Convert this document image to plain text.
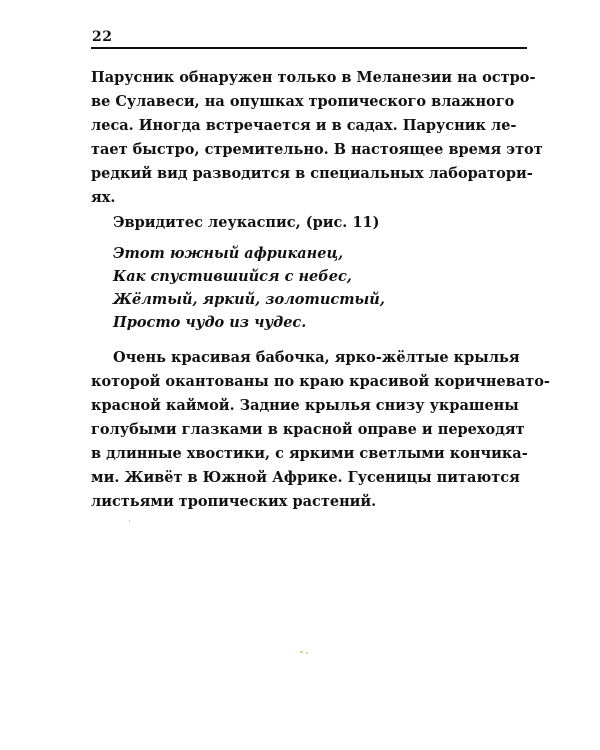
22
Парусник обнаружен только в Меланезии на остро-
ве Сулавеси, на опушках тропического влажного
леса. Иногда встречается и в садах. Парусник ле-
тает быстро, стремительно. В настоящее время этот
редкий вид разводится в специальных лаборатори-
ях.
Эвридитес леукаспис, (рис. 11)
Этот южный африканец,
Как спустившийся с небес,
Жёлтый, яркий, золотистый,
Просто чудо из чудес.
Очень красивая бабочка, ярко-жёлтые крылья
которой окантованы по краю красивой коричневато-
красной каймой. Задние крылья снизу украшены
голубыми глазками в красной оправе и переходят
в длинные хвостики, с яркими светлыми кончика-
ми. Живёт в Южной Африке. Гусеницы питаются
листьями тропических растений.
